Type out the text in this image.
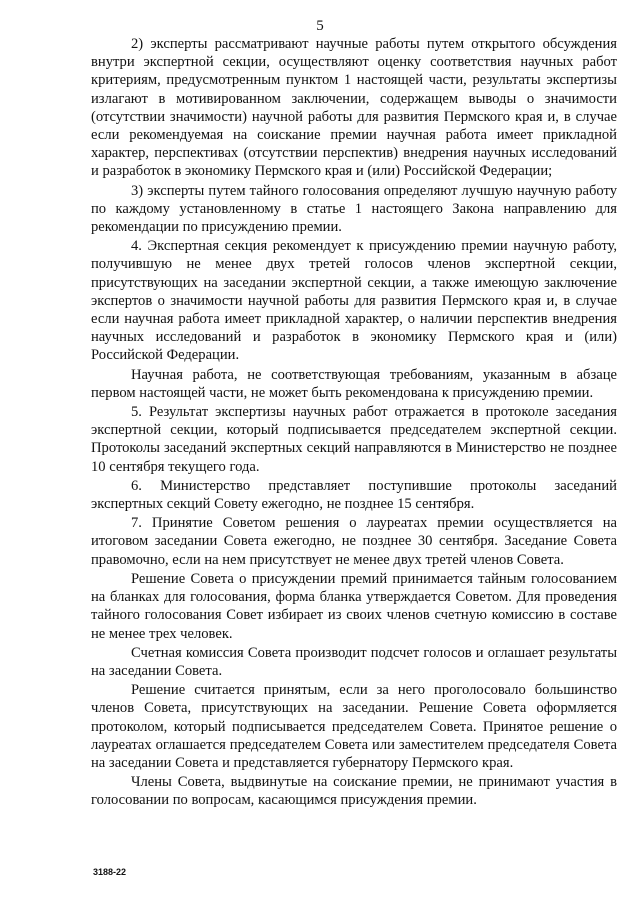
5

2) эксперты рассматривают научные работы путем открытого обсуждения внутри экспертной секции, осуществляют оценку соответствия научных работ критериям, предусмотренным пунктом 1 настоящей части, результаты экспертизы излагают в мотивированном заключении, содержащем выводы о значимости (отсутствии значимости) научной работы для развития Пермского края и, в случае если рекомендуемая на соискание премии научная работа имеет прикладной характер, перспективах (отсутствии перспектив) внедрения научных исследований и разработок в экономику Пермского края и (или) Российской Федерации;

3) эксперты путем тайного голосования определяют лучшую научную работу по каждому установленному в статье 1 настоящего Закона направлению для рекомендации по присуждению премии.

4. Экспертная секция рекомендует к присуждению премии научную работу, получившую не менее двух третей голосов членов экспертной секции, присутствующих на заседании экспертной секции, а также имеющую заключение экспертов о значимости научной работы для развития Пермского края и, в случае если научная работа имеет прикладной характер, о наличии перспектив внедрения научных исследований и разработок в экономику Пермского края и (или) Российской Федерации.

Научная работа, не соответствующая требованиям, указанным в абзаце первом настоящей части, не может быть рекомендована к присуждению премии.

5. Результат экспертизы научных работ отражается в протоколе заседания экспертной секции, который подписывается председателем экспертной секции. Протоколы заседаний экспертных секций направляются в Министерство не позднее 10 сентября текущего года.

6. Министерство представляет поступившие протоколы заседаний экспертных секций Совету ежегодно, не позднее 15 сентября.

7. Принятие Советом решения о лауреатах премии осуществляется на итоговом заседании Совета ежегодно, не позднее 30 сентября. Заседание Совета правомочно, если на нем присутствует не менее двух третей членов Совета.

Решение Совета о присуждении премий принимается тайным голосованием на бланках для голосования, форма бланка утверждается Советом. Для проведения тайного голосования Совет избирает из своих членов счетную комиссию в составе не менее трех человек.

Счетная комиссия Совета производит подсчет голосов и оглашает результаты на заседании Совета.

Решение считается принятым, если за него проголосовало большинство членов Совета, присутствующих на заседании. Решение Совета оформляется протоколом, который подписывается председателем Совета. Принятое решение о лауреатах оглашается председателем Совета или заместителем председателя Совета на заседании Совета и представляется губернатору Пермского края.

Члены Совета, выдвинутые на соискание премии, не принимают участия в голосовании по вопросам, касающимся присуждения премии.

3188-22
